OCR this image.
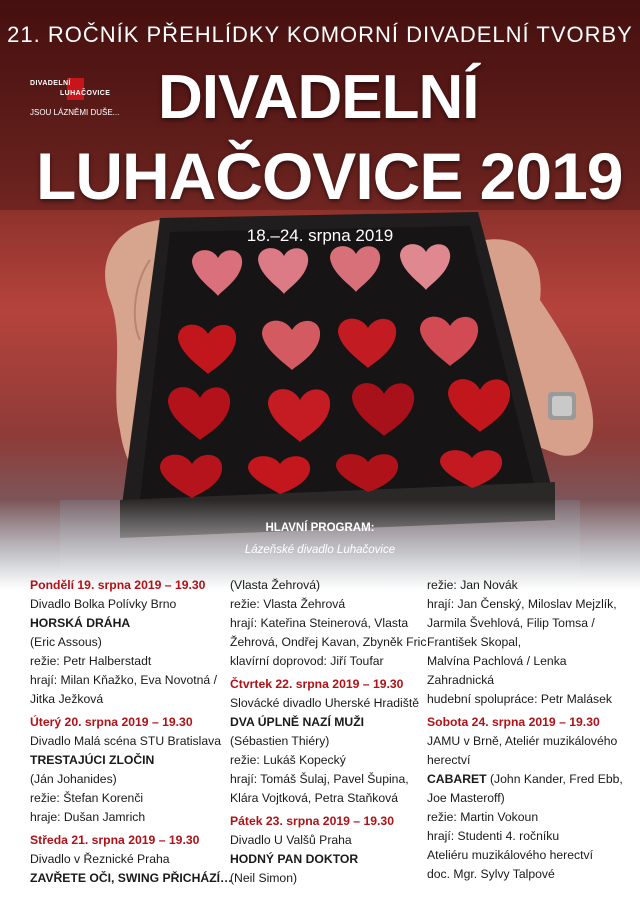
21. ROČNÍK PŘEHLÍDKY KOMORNÍ DIVADELNÍ TVORBY
DIVADELNÍ
LUHAČOVICE
JSOU LÁZNĚMI DUŠE... DIVADELNÍ
LUHAČOVICE 2019
18.–24. srpna 2019
HLAVNÍ PROGRAM:
Lázeňské divadlo Luhačovice
Pondělí 19. srpna 2019 – 19.30
Divadlo Bolka Polívky Brno
HORSKÁ DRÁHA
(Eric Assous)
režie: Petr Halberstadt
hrají: Milan Kňažko, Eva Novotná /
Jitka Ježková
Úterý 20. srpna 2019 – 19.30
Divadlo Malá scéna STU Bratislava
TRESTAJÚCI ZLOČIN
(Ján Johanides)
režie: Štefan Korenči
hraje: Dušan Jamrich
Středa 21. srpna 2019 – 19.30
Divadlo v Řeznické Praha
ZAVŘETE OČI, SWING PŘICHÁZÍ…
(Vlasta Žehrová)
režie: Vlasta Žehrová
hrají: Kateřina Steinerová, Vlasta
Žehrová, Ondřej Kavan, Zbyněk Fric
klavírní doprovod: Jiří Toufar
Čtvrtek 22. srpna 2019 – 19.30
Slovácké divadlo Uherské Hradiště
DVA ÚPLNĚ NAZÍ MUŽI
(Sébastien Thiéry)
režie: Lukáš Kopecký
hrají: Tomáš Šulaj, Pavel Šupina,
Klára Vojtková, Petra Staňková
Pátek 23. srpna 2019 – 19.30
Divadlo U Valšů Praha
HODNÝ PAN DOKTOR
(Neil Simon)
režie: Jan Novák
hrají: Jan Čenský, Miloslav Mejzlík,
Jarmila Švehlová, Filip Tomsa /
František Skopal,
Malvína Pachlová / Lenka
Zahradnická
hudební spolupráce: Petr Malásek
Sobota 24. srpna 2019 – 19.30
JAMU v Brně, Ateliér muzikálového
herectví
CABARET (John Kander, Fred Ebb,
Joe Masteroff)
režie: Martin Vokoun
hrají: Studenti 4. ročníku
Ateliéru muzikálového herectví
doc. Mgr. Sylvy Talpové
